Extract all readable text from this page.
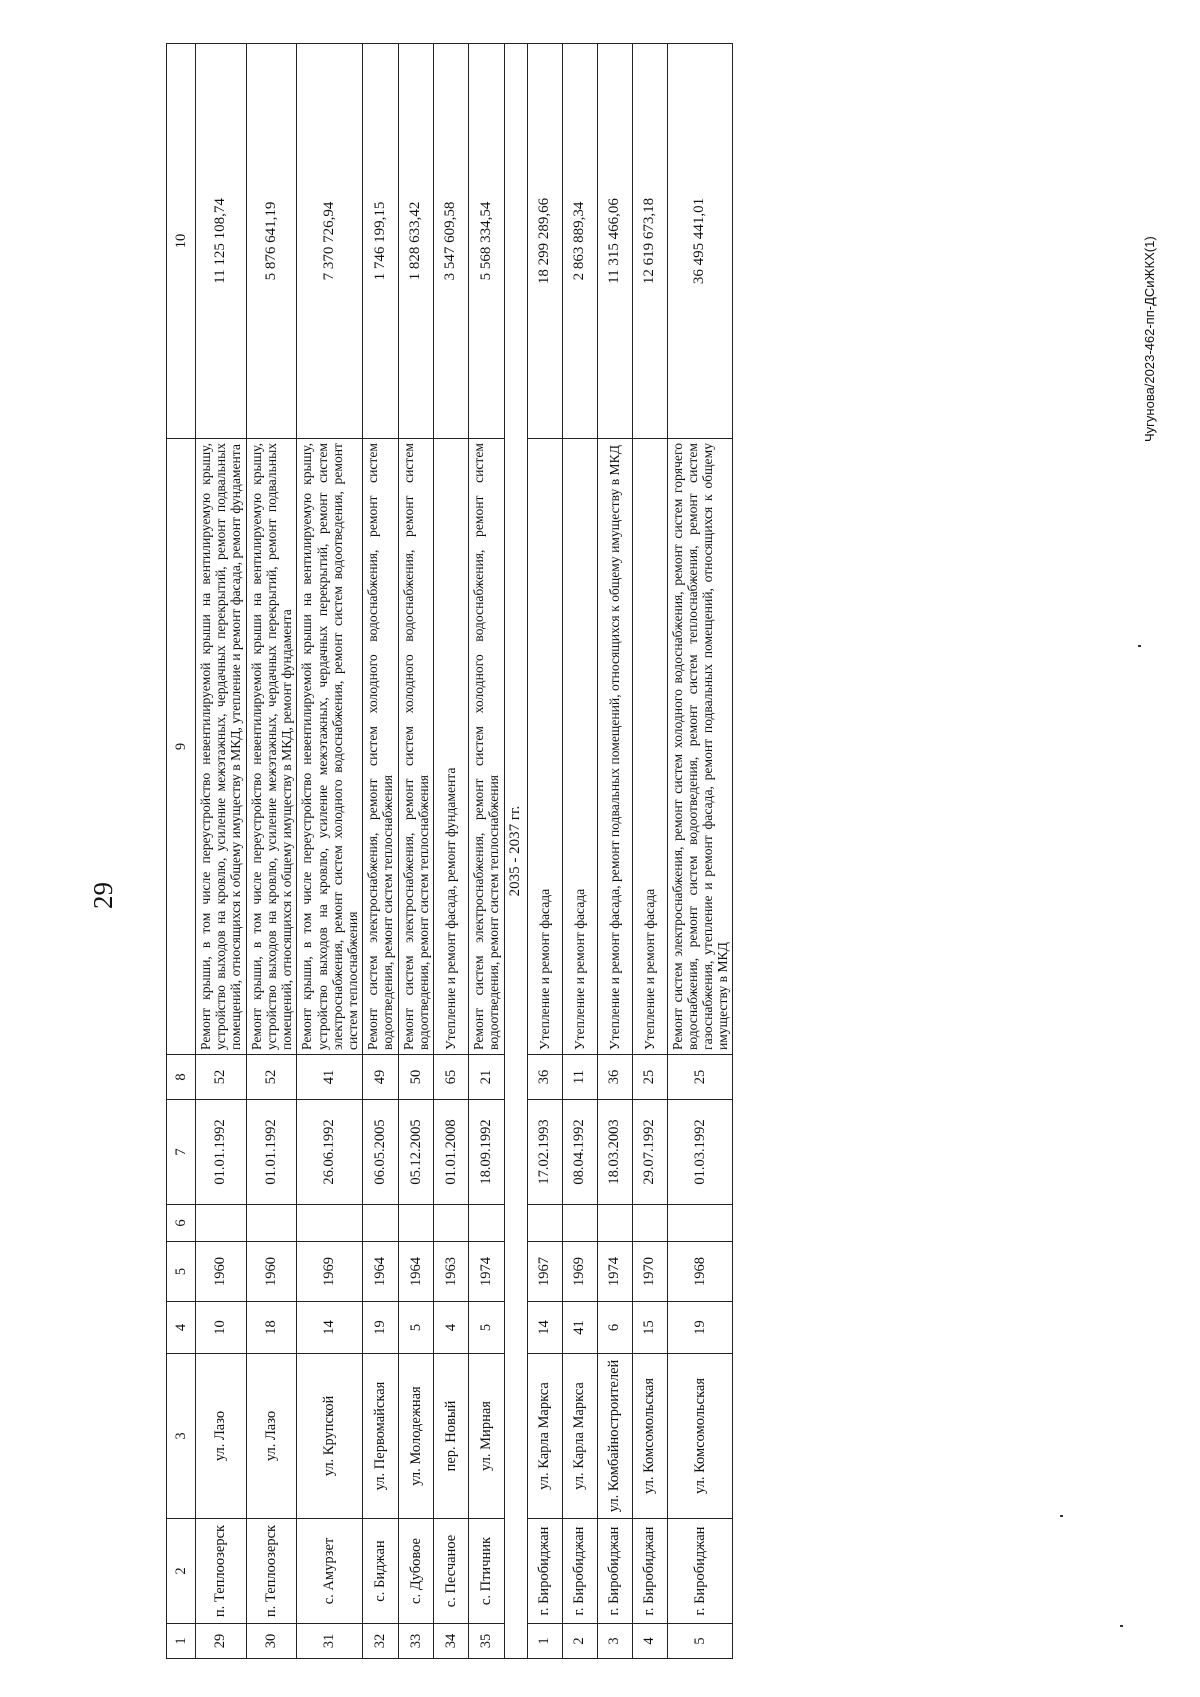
29
1	2	3	4	5	6	7	8	9	10
29	п. Теплоозерск	ул. Лазо	10	1960		01.01.1992	52	Ремонт крыши, в том числе переустройство невентилируемой крыши на вентилируемую крышу, устройство выходов на кровлю, усиление межэтажных, чердачных перекрытий, ремонт подвальных помещений, относящихся к общему имуществу в МКД, утепление и ремонт фасада, ремонт фундамента	11 125 108,74
30	п. Теплоозерск	ул. Лазо	18	1960		01.01.1992	52	Ремонт крыши, в том числе переустройство невентилируемой крыши на вентилируемую крышу, устройство выходов на кровлю, усиление межэтажных, чердачных перекрытий, ремонт подвальных помещений, относящихся к общему имуществу в МКД, ремонт фундамента	5 876 641,19
31	с. Амурзет	ул. Крупской	14	1969		26.06.1992	41	Ремонт крыши, в том числе переустройство невентилируемой крыши на вентилируемую крышу, устройство выходов на кровлю, усиление межэтажных, чердачных перекрытий, ремонт систем электроснабжения, ремонт систем холодного водоснабжения, ремонт систем водоотведения, ремонт систем теплоснабжения	7 370 726,94
32	с. Биджан	ул. Первомайская	19	1964		06.05.2005	49	Ремонт систем электроснабжения, ремонт систем холодного водоснабжения, ремонт систем водоотведения, ремонт систем теплоснабжения	1 746 199,15
33	с. Дубовое	ул. Молодежная	5	1964		05.12.2005	50	Ремонт систем электроснабжения, ремонт систем холодного водоснабжения, ремонт систем водоотведения, ремонт систем теплоснабжения	1 828 633,42
34	с. Песчаное	пер. Новый	4	1963		01.01.2008	65	Утепление и ремонт фасада, ремонт фундамента	3 547 609,58
35	с. Птичник	ул. Мирная	5	1974		18.09.1992	21	Ремонт систем электроснабжения, ремонт систем холодного водоснабжения, ремонт систем водоотведения, ремонт систем теплоснабжения	5 568 334,54
2035 - 2037 гг.									
1	г. Биробиджан	ул. Карла Маркса	14	1967		17.02.1993	36	Утепление и ремонт фасада	18 299 289,66
2	г. Биробиджан	ул. Карла Маркса	41	1969		08.04.1992	11	Утепление и ремонт фасада	2 863 889,34
3	г. Биробиджан	ул. Комбайностроителей	6	1974		18.03.2003	36	Утепление и ремонт фасада, ремонт подвальных помещений, относящихся к общему имуществу в МКД	11 315 466,06
4	г. Биробиджан	ул. Комсомольская	15	1970		29.07.1992	25	Утепление и ремонт фасада	12 619 673,18
5	г. Биробиджан	ул. Комсомольская	19	1968		01.03.1992	25	Ремонт систем электроснабжения, ремонт систем холодного водоснабжения, ремонт систем горячего водоснабжения, ремонт систем водоотведения, ремонт систем теплоснабжения, ремонт систем газоснабжения, утепление и ремонт фасада, ремонт подвальных помещений, относящихся к общему имуществу в МКД	36 495 441,01	Чугунова/2023-462-пп-ДСиЖКХ(1)
